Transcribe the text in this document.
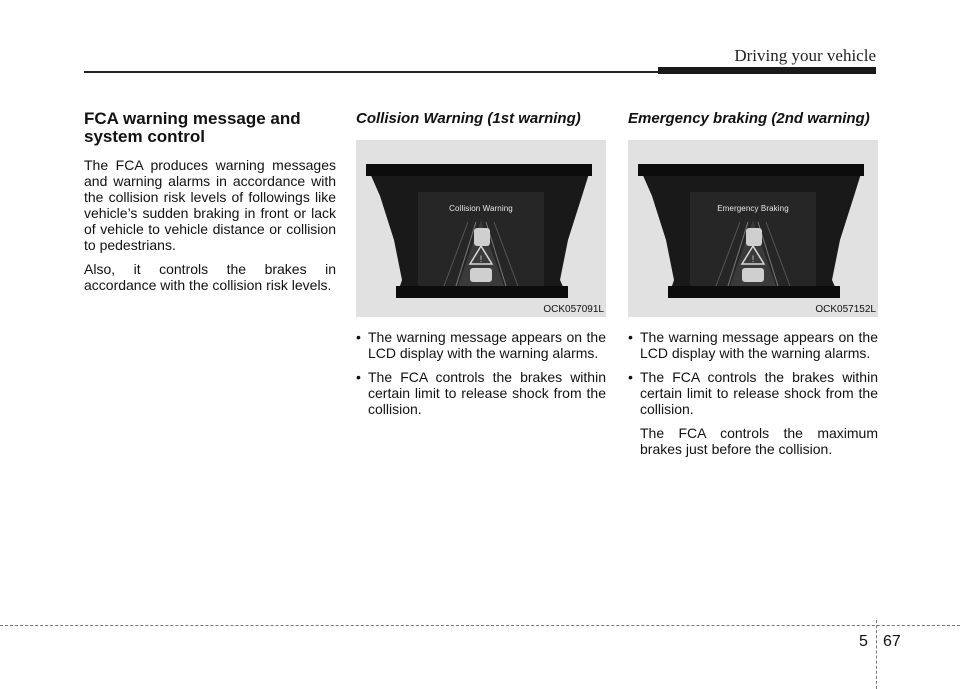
Driving your vehicle
FCA warning message and system control

The FCA produces warning messages and warning alarms in accordance with the collision risk levels of followings like vehicle’s sudden braking in front or lack of vehicle to vehicle distance or collision to pedestrians.

Also, it controls the brakes in accordance with the collision risk levels.

Collision Warning (1st warning)
!
Collision Warning
OCK057091L
• The warning message appears on the LCD display with the warning alarms.
• The FCA controls the brakes within certain limit to release shock from the collision.
Emergency braking (2nd warning)
!
Emergency Braking
OCK057152L
• The warning message appears on the LCD display with the warning alarms.
• The FCA controls the brakes within certain limit to release shock from the collision.
The FCA controls the maximum brakes just before the collision.
5 67
